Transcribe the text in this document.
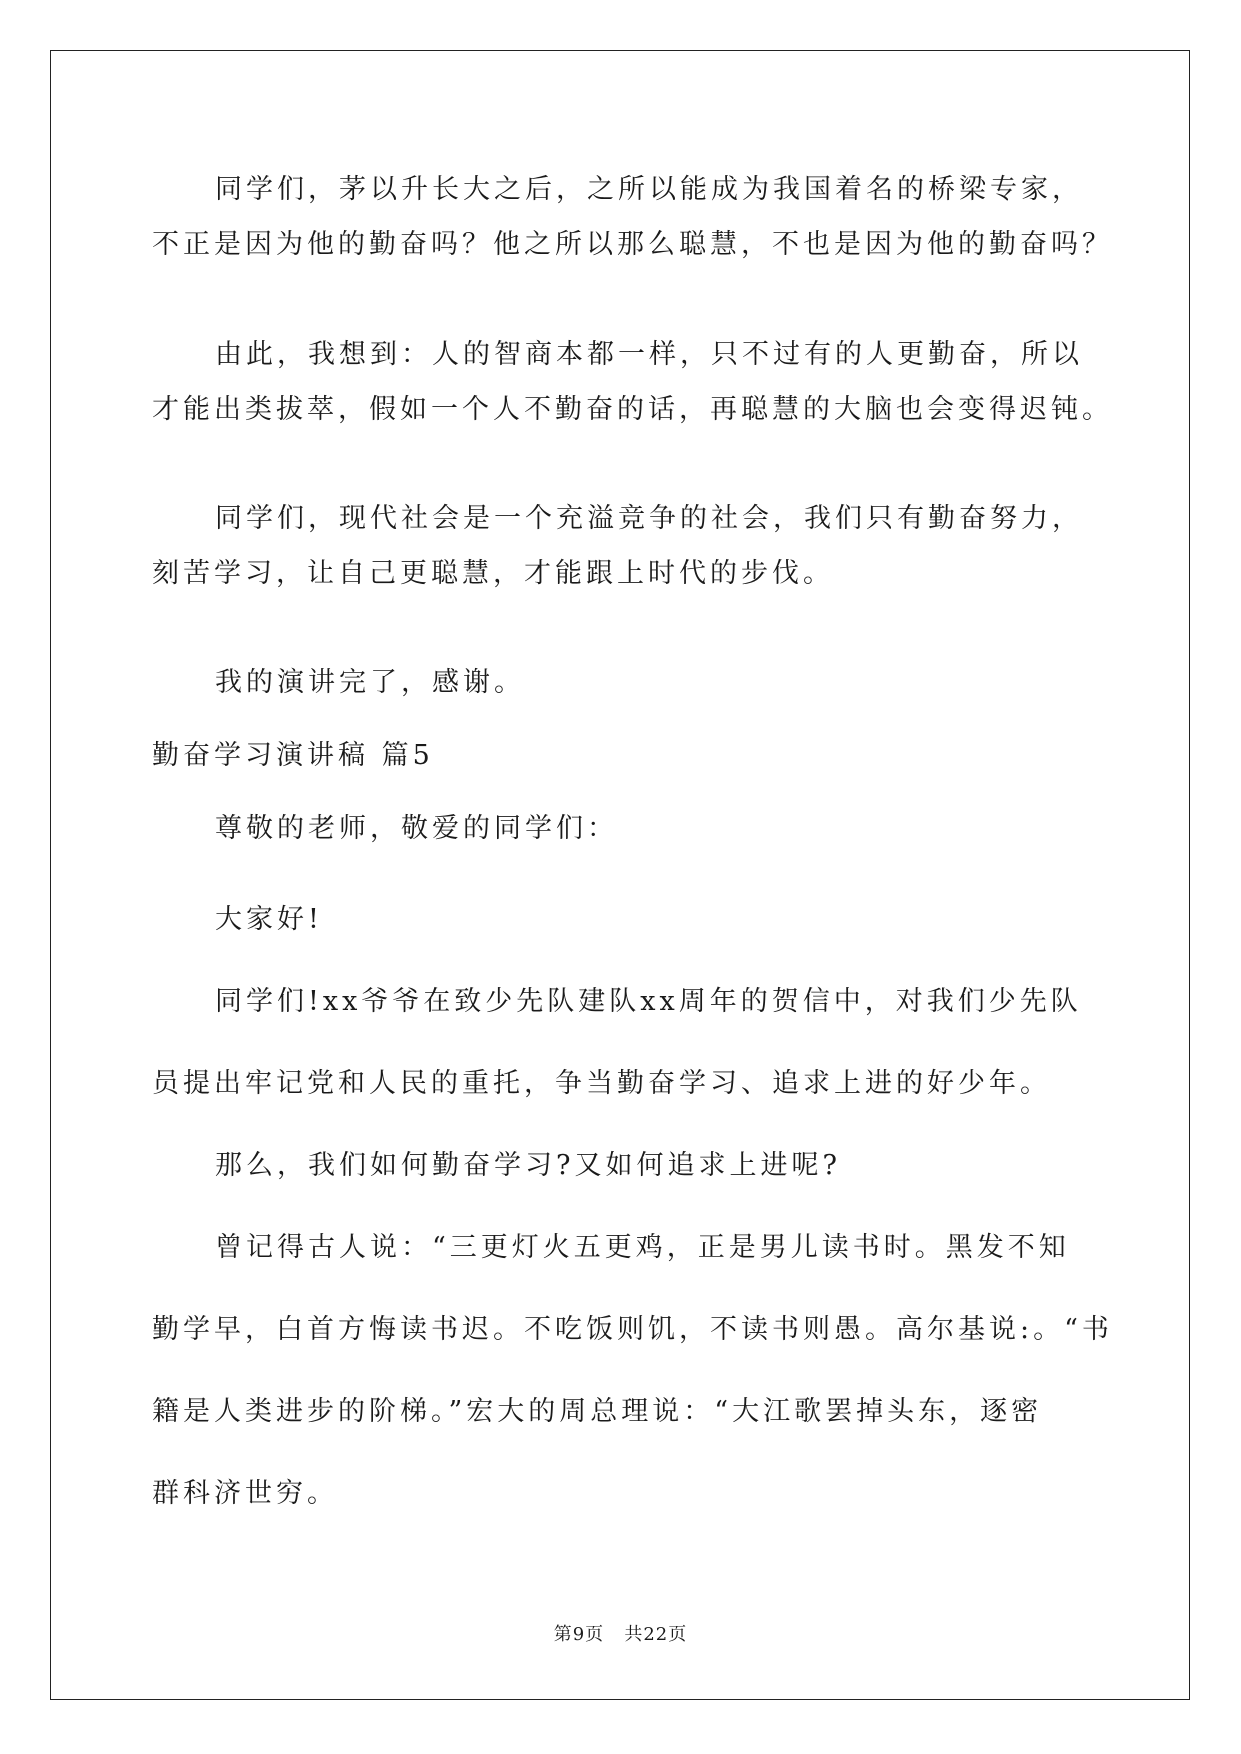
同学们，茅以升长大之后，之所以能成为我国着名的桥梁专家，
不正是因为他的勤奋吗？他之所以那么聪慧，不也是因为他的勤奋吗？
由此，我想到：人的智商本都一样，只不过有的人更勤奋，所以
才能出类拔萃，假如一个人不勤奋的话，再聪慧的大脑也会变得迟钝。
同学们，现代社会是一个充溢竞争的社会，我们只有勤奋努力，
刻苦学习，让自己更聪慧，才能跟上时代的步伐。
我的演讲完了，感谢。
勤奋学习演讲稿 篇5
尊敬的老师，敬爱的同学们：
大家好!
同学们!xx爷爷在致少先队建队xx周年的贺信中，对我们少先队
员提出牢记党和人民的重托，争当勤奋学习、追求上进的好少年。
那么，我们如何勤奋学习?又如何追求上进呢?
曾记得古人说：“三更灯火五更鸡，正是男儿读书时。黑发不知
勤学早，白首方悔读书迟。不吃饭则饥，不读书则愚。高尔基说:。“书
籍是人类进步的阶梯。”宏大的周总理说：“大江歌罢掉头东，逐密
群科济世穷。
第9页   共22页
